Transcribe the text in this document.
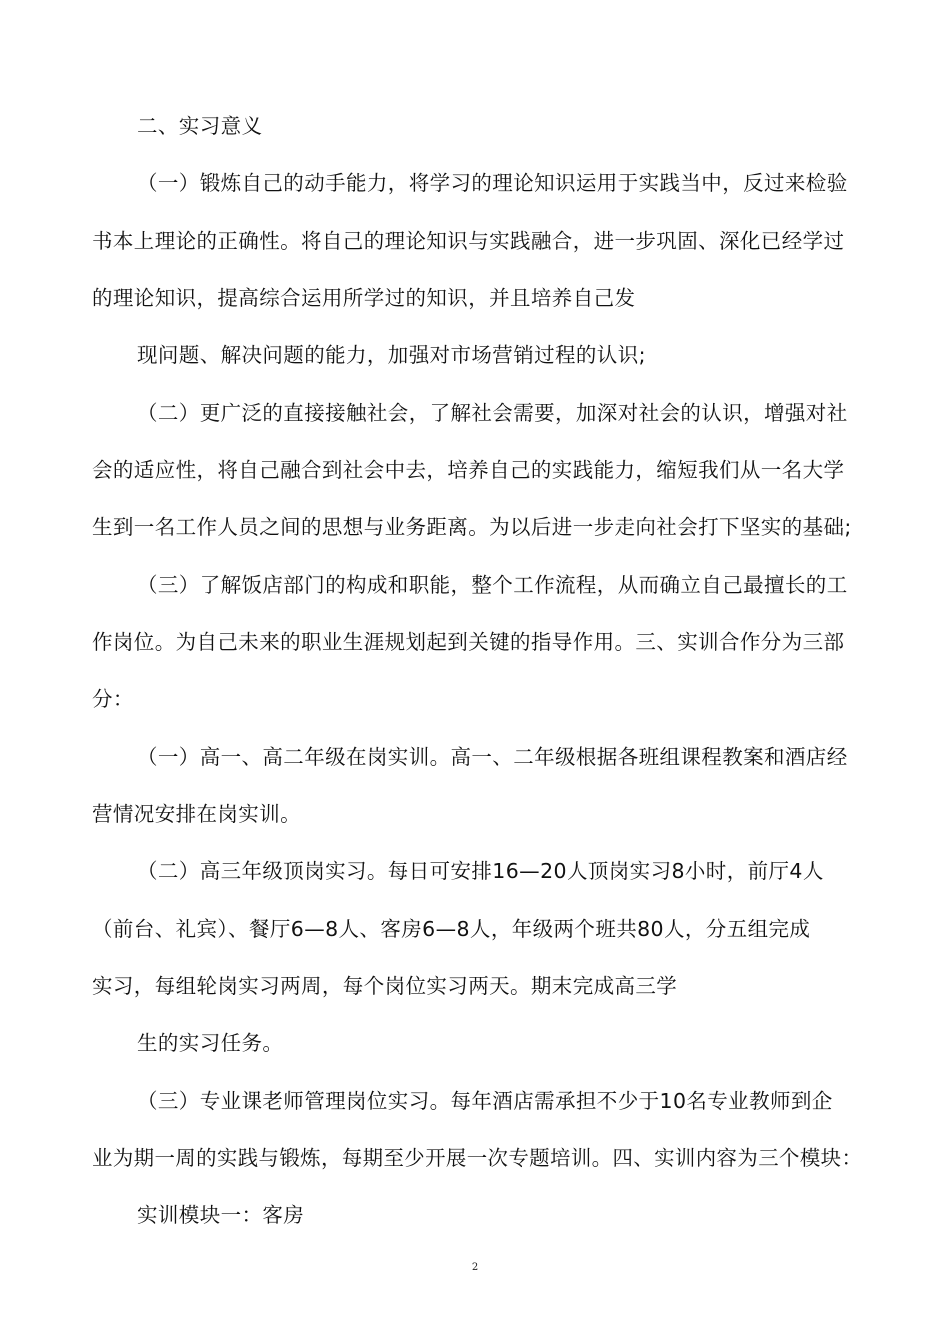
二、实习意义
（一）锻炼自己的动手能力，将学习的理论知识运用于实践当中，反过来检验
书本上理论的正确性。将自己的理论知识与实践融合，进一步巩固、深化已经学过
的理论知识，提高综合运用所学过的知识，并且培养自己发
现问题、解决问题的能力，加强对市场营销过程的认识;
（二）更广泛的直接接触社会，了解社会需要，加深对社会的认识，增强对社
会的适应性，将自己融合到社会中去，培养自己的实践能力，缩短我们从一名大学
生到一名工作人员之间的思想与业务距离。为以后进一步走向社会打下坚实的基础;
（三）了解饭店部门的构成和职能，整个工作流程，从而确立自己最擅长的工
作岗位。为自己未来的职业生涯规划起到关键的指导作用。三、实训合作分为三部
分：
（一）高一、高二年级在岗实训。高一、二年级根据各班组课程教案和酒店经
营情况安排在岗实训。
（二）高三年级顶岗实习。每日可安排16—20人顶岗实习8小时，前厅4人
（前台、礼宾）、餐厅6—8人、客房6—8人，年级两个班共80人，分五组完成
实习，每组轮岗实习两周，每个岗位实习两天。期末完成高三学
生的实习任务。
（三）专业课老师管理岗位实习。每年酒店需承担不少于10名专业教师到企
业为期一周的实践与锻炼，每期至少开展一次专题培训。四、实训内容为三个模块：
实训模块一：客房
2
